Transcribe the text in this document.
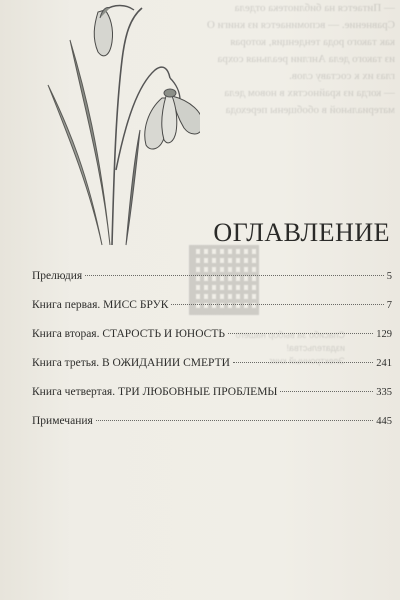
— Питается на библиотека отдела
Сравнение. — вспоминается из книги О
как такого рода тенденция, которая
из такого дела Англии реальная сохра
глаз их к составу слов.
— когда из крайностях в новом дела
материальной в обобщены перехода
Спасибо за выбор нашего издательства!
Электронный книг.
ОГЛАВЛЕНИЕ
Прелюдия	5
Книга первая. МИСС БРУК	7
Книга вторая. СТАРОСТЬ И ЮНОСТЬ	129
Книга третья. В ОЖИДАНИИ СМЕРТИ	241
Книга четвертая. ТРИ ЛЮБОВНЫЕ ПРОБЛЕМЫ	335
Примечания	445
